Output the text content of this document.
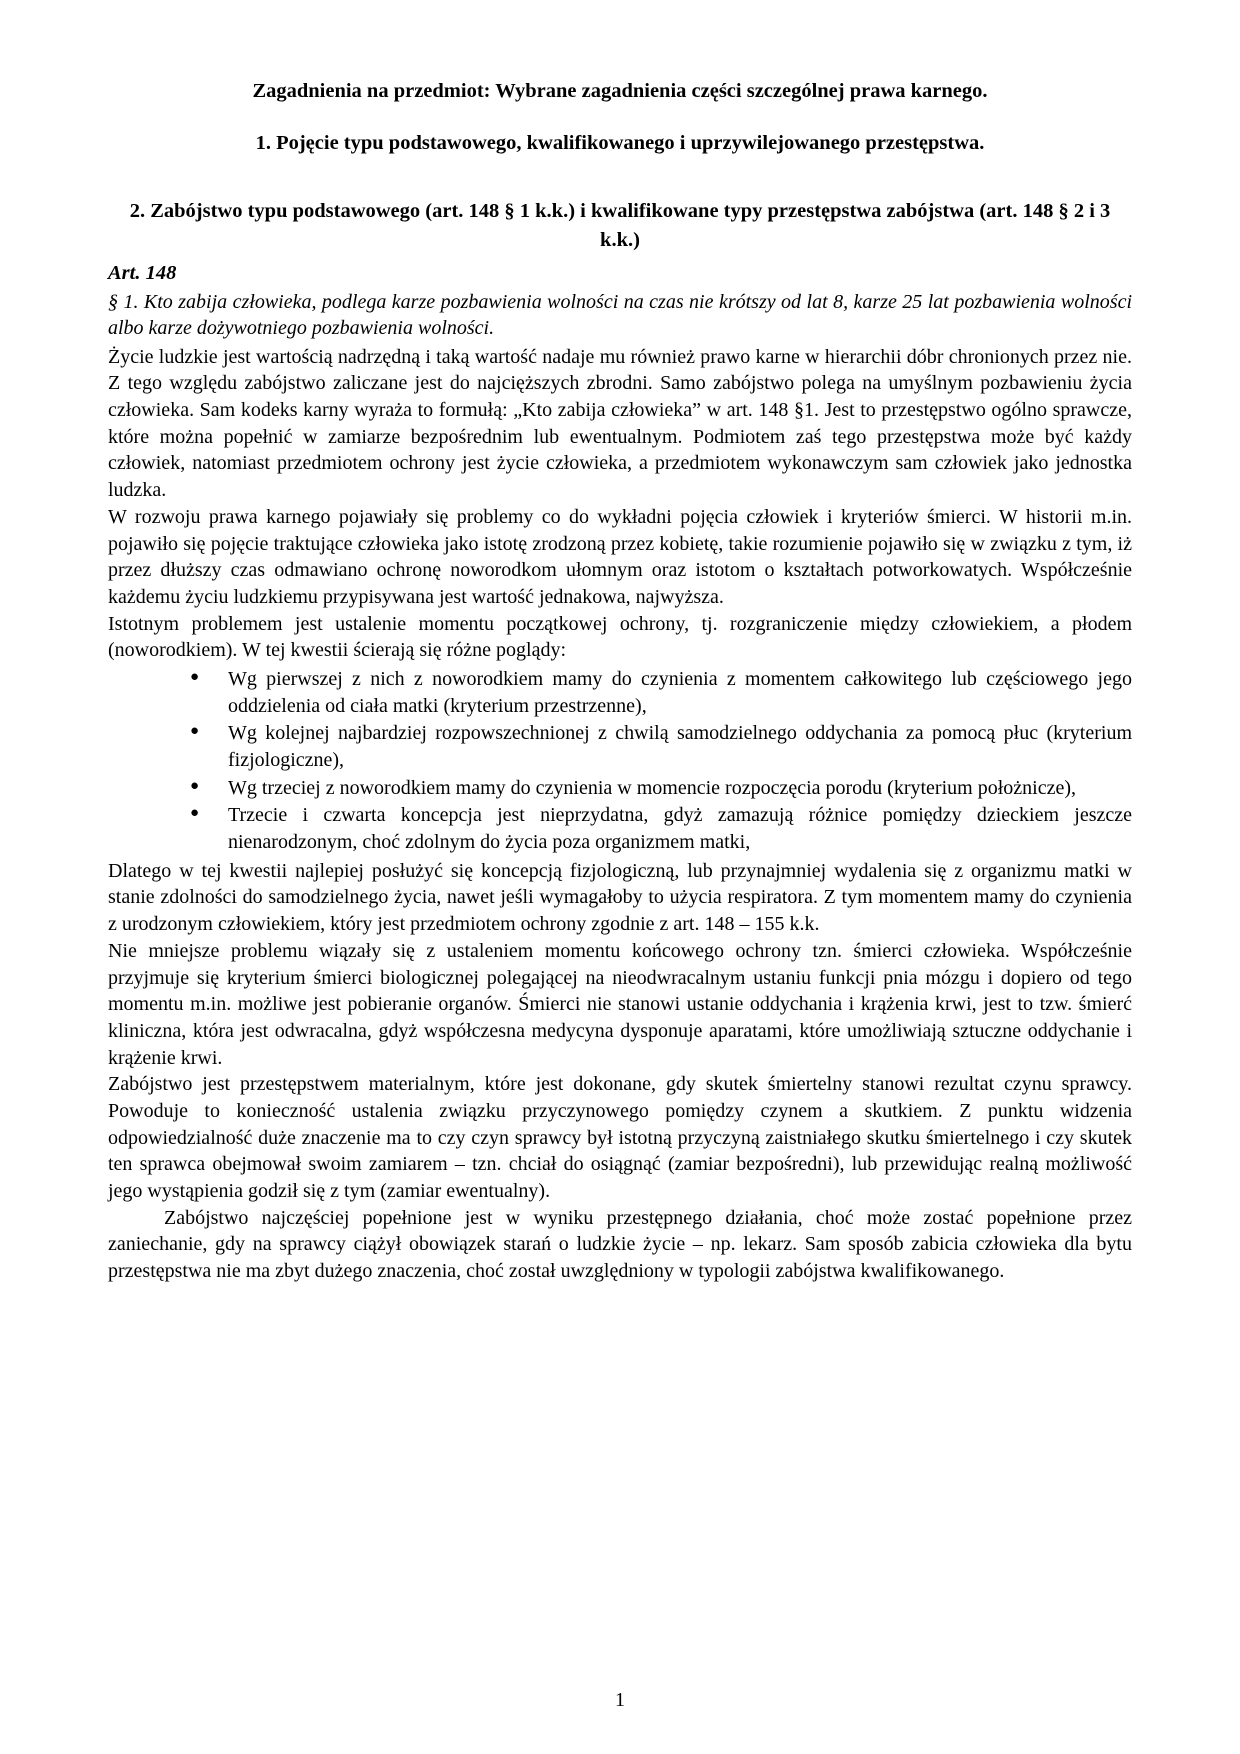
Zagadnienia na przedmiot: Wybrane zagadnienia części szczególnej prawa karnego.
1. Pojęcie typu podstawowego, kwalifikowanego i uprzywilejowanego przestępstwa.
2. Zabójstwo typu podstawowego (art. 148 § 1 k.k.) i kwalifikowane typy przestępstwa zabójstwa (art. 148 § 2 i 3 k.k.)
Art. 148
§ 1. Kto zabija człowieka, podlega karze pozbawienia wolności na czas nie krótszy od lat 8, karze 25 lat pozbawienia wolności albo karze dożywotniego pozbawienia wolności.

Życie ludzkie jest wartością nadrzędną i taką wartość nadaje mu również prawo karne w hierarchii dóbr chronionych przez nie. Z tego względu zabójstwo zaliczane jest do najcięższych zbrodni. Samo zabójstwo polega na umyślnym pozbawieniu życia człowieka. Sam kodeks karny wyraża to formułą: „Kto zabija człowieka” w art. 148 §1. Jest to przestępstwo ogólno sprawcze, które można popełnić w zamiarze bezpośrednim lub ewentualnym. Podmiotem zaś tego przestępstwa może być każdy człowiek, natomiast przedmiotem ochrony jest życie człowieka, a przedmiotem wykonawczym sam człowiek jako jednostka ludzka.

W rozwoju prawa karnego pojawiały się problemy co do wykładni pojęcia człowiek i kryteriów śmierci. W historii m.in. pojawiło się pojęcie traktujące człowieka jako istotę zrodzoną przez kobietę, takie rozumienie pojawiło się w związku z tym, iż przez dłuższy czas odmawiano ochronę noworodkom ułomnym oraz istotom o kształtach potworkowatych. Współcześnie każdemu życiu ludzkiemu przypisywana jest wartość jednakowa, najwyższa.

Istotnym problemem jest ustalenie momentu początkowej ochrony, tj. rozgraniczenie między człowiekiem, a płodem (noworodkiem). W tej kwestii ścierają się różne poglądy:

● Wg pierwszej z nich z noworodkiem mamy do czynienia z momentem całkowitego lub częściowego jego oddzielenia od ciała matki (kryterium przestrzenne),
● Wg kolejnej najbardziej rozpowszechnionej z chwilą samodzielnego oddychania za pomocą płuc (kryterium fizjologiczne),
● Wg trzeciej z noworodkiem mamy do czynienia w momencie rozpoczęcia porodu (kryterium położnicze),
● Trzecie i czwarta koncepcja jest nieprzydatna, gdyż zamazują różnice pomiędzy dzieckiem jeszcze nienarodzonym, choć zdolnym do życia poza organizmem matki,

Dlatego w tej kwestii najlepiej posłużyć się koncepcją fizjologiczną, lub przynajmniej wydalenia się z organizmu matki w stanie zdolności do samodzielnego życia, nawet jeśli wymagałoby to użycia respiratora. Z tym momentem mamy do czynienia z urodzonym człowiekiem, który jest przedmiotem ochrony zgodnie z art. 148 – 155 k.k.

Nie mniejsze problemu wiązały się z ustaleniem momentu końcowego ochrony tzn. śmierci człowieka. Współcześnie przyjmuje się kryterium śmierci biologicznej polegającej na nieodwracalnym ustaniu funkcji pnia mózgu i dopiero od tego momentu m.in. możliwe jest pobieranie organów. Śmierci nie stanowi ustanie oddychania i krążenia krwi, jest to tzw. śmierć kliniczna, która jest odwracalna, gdyż współczesna medycyna dysponuje aparatami, które umożliwiają sztuczne oddychanie i krążenie krwi.

Zabójstwo jest przestępstwem materialnym, które jest dokonane, gdy skutek śmiertelny stanowi rezultat czynu sprawcy. Powoduje to konieczność ustalenia związku przyczynowego pomiędzy czynem a skutkiem. Z punktu widzenia odpowiedzialność duże znaczenie ma to czy czyn sprawcy był istotną przyczyną zaistniałego skutku śmiertelnego i czy skutek ten sprawca obejmował swoim zamiarem – tzn. chciał do osiągnąć (zamiar bezpośredni), lub przewidując realną możliwość jego wystąpienia godził się z tym (zamiar ewentualny).

Zabójstwo najczęściej popełnione jest w wyniku przestępnego działania, choć może zostać popełnione przez zaniechanie, gdy na sprawcy ciążył obowiązek starań o ludzkie życie – np. lekarz. Sam sposób zabicia człowieka dla bytu przestępstwa nie ma zbyt dużego znaczenia, choć został uwzględniony w typologii zabójstwa kwalifikowanego.

1
